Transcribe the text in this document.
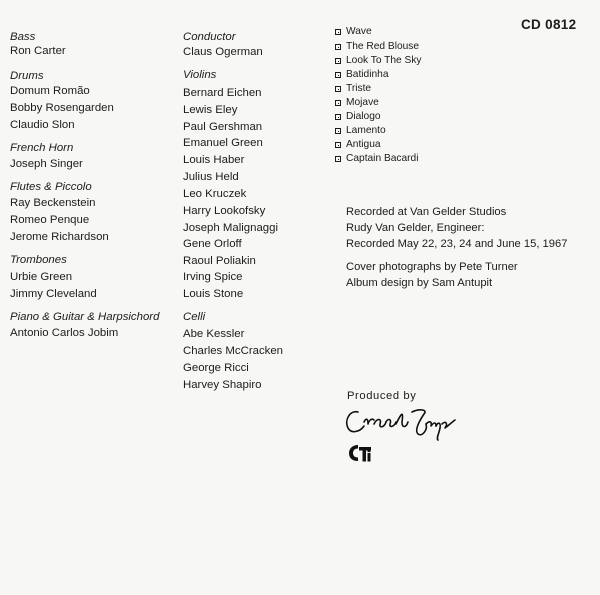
CD 0812
Bass
Ron Carter
Drums
Domum Romão
Bobby Rosengarden
Claudio Slon
French Horn
Joseph Singer
Flutes & Piccolo
Ray Beckenstein
Romeo Penque
Jerome Richardson
Trombones
Urbie Green
Jimmy Cleveland
Piano & Guitar & Harpsichord
Antonio Carlos Jobim
Conductor
Claus Ogerman
Violins
Bernard Eichen
Lewis Eley
Paul Gershman
Emanuel Green
Louis Haber
Julius Held
Leo Kruczek
Harry Lookofsky
Joseph Malignaggi
Gene Orloff
Raoul Poliakin
Irving Spice
Louis Stone
Celli
Abe Kessler
Charles McCracken
George Ricci
Harvey Shapiro
Wave
The Red Blouse
Look To The Sky
Batidinha
Triste
Mojave
Dialogo
Lamento
Antigua
Captain Bacardi
Recorded at Van Gelder Studios
Rudy Van Gelder, Engineer:
Recorded May 22, 23, 24 and June 15, 1967
Cover photographs by Pete Turner
Album design by Sam Antupit
Produced by
